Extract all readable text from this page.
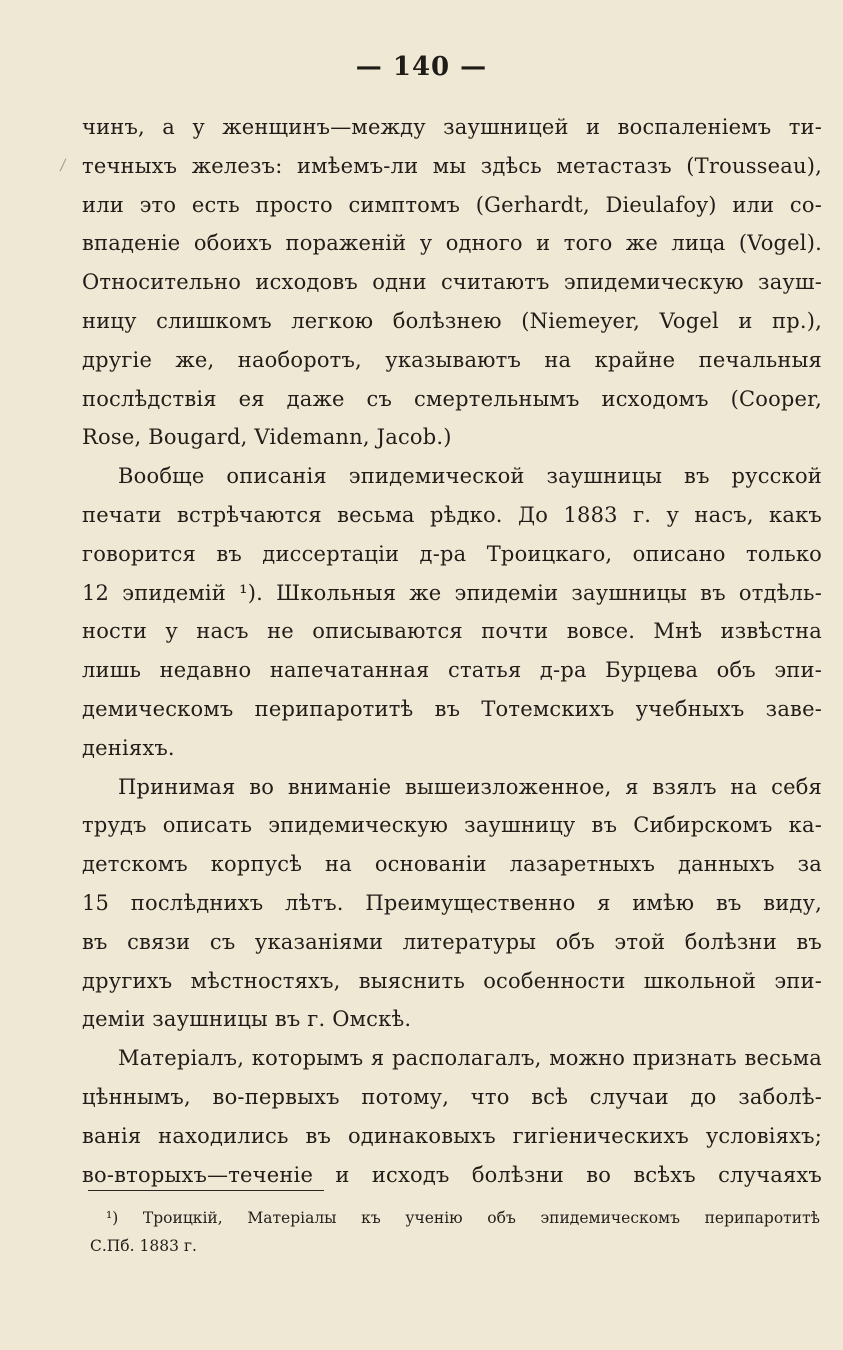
— 140 —
чинъ, а у женщинъ—между заушницей и воспаленіемъ ти-
течныхъ железъ: имѣемъ-ли мы здѣсь метастазъ (Trousseau),
или это есть просто симптомъ (Gerhardt, Dieulafoy) или со-
впаденіе обоихъ пораженій у одного и того же лица (Vogel).
Относительно исходовъ одни считаютъ эпидемическую зауш-
ницу слишкомъ легкою болѣзнею (Niemeyer, Vogel и пр.),
другіе же, наоборотъ, указываютъ на крайне печальныя
послѣдствія ея даже съ смертельнымъ исходомъ (Cooper,
Rose, Bougard, Videmann, Jacob.)
Вообще описанія эпидемической заушницы въ русской
печати встрѣчаются весьма рѣдко. До 1883 г. у насъ, какъ
говорится въ диссертаціи д-ра Троицкаго, описано только
12 эпидемій ¹). Школьныя же эпидеміи заушницы въ отдѣль-
ности у насъ не описываются почти вовсе. Мнѣ извѣстна
лишь недавно напечатанная статья д-ра Бурцева объ эпи-
демическомъ перипаротитѣ въ Тотемскихъ учебныхъ заве-
деніяхъ.
Принимая во вниманіе вышеизложенное, я взялъ на себя
трудъ описать эпидемическую заушницу въ Сибирскомъ ка-
детскомъ корпусѣ на основаніи лазаретныхъ данныхъ за
15 послѣднихъ лѣтъ. Преимущественно я имѣю въ виду,
въ связи съ указаніями литературы объ этой болѣзни въ
другихъ мѣстностяхъ, выяснить особенности школьной эпи-
деміи заушницы въ г. Омскѣ.
Матеріалъ, которымъ я располагалъ, можно признать весьма
цѣннымъ, во-первыхъ потому, что всѣ случаи до заболѣ-
ванія находились въ одинаковыхъ гигіеническихъ условіяхъ;
во-вторыхъ—теченіе и исходъ болѣзни во всѣхъ случаяхъ
¹) Троицкій, Матеріалы къ ученію объ эпидемическомъ перипаротитѣ
С.Пб. 1883 г.
